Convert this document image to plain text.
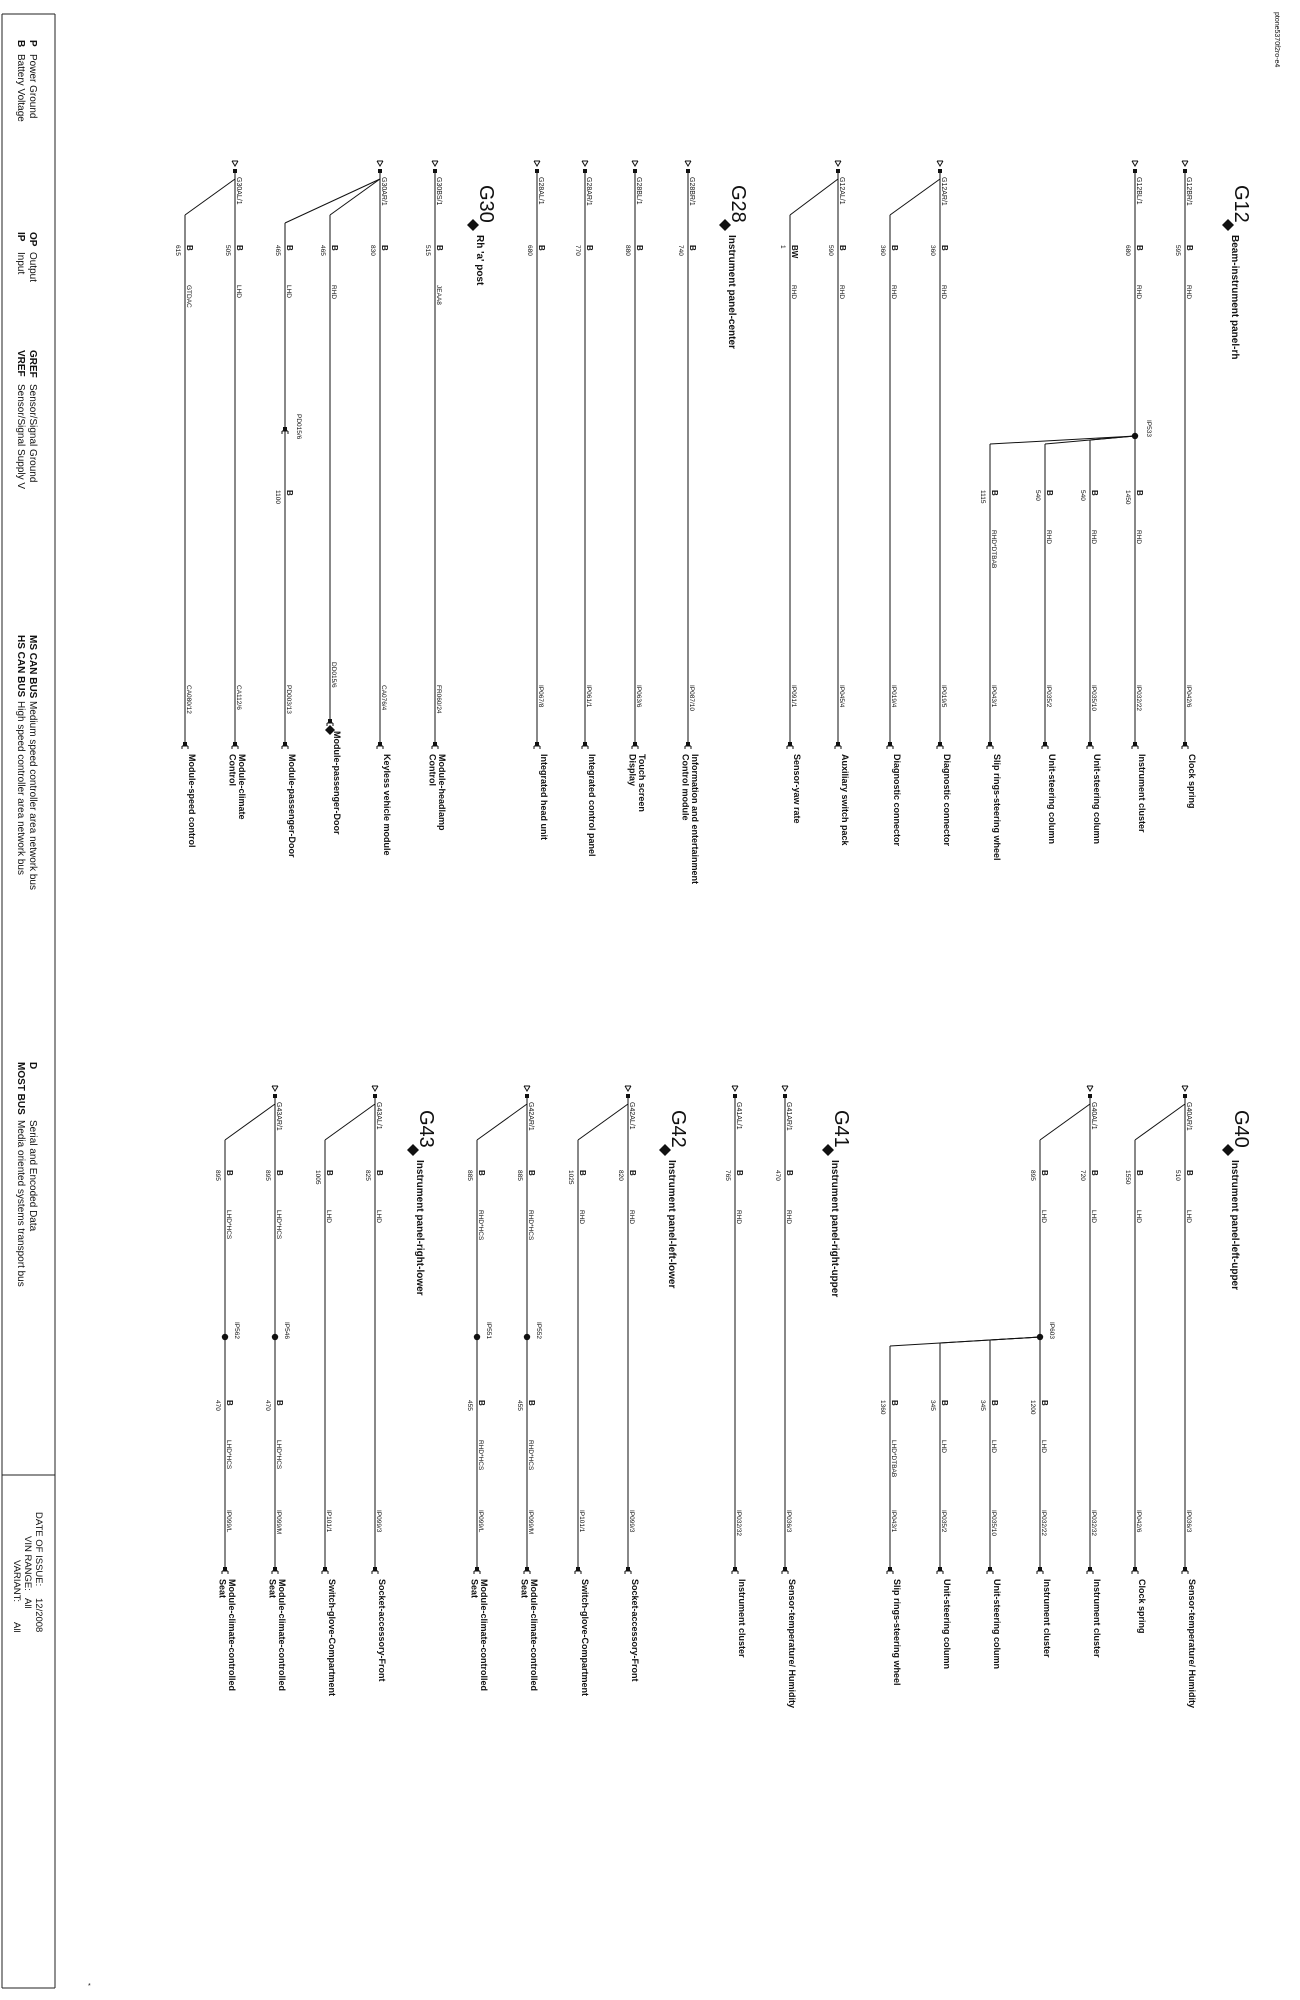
B
Battery Voltage
P
Power Ground
IP
Input
OP
Output
VREF
Sensor/Signal Supply V
GREF
Sensor/Signal Ground
HS CAN BUS
High speed controller area network bus
MS CAN BUS
Medium speed controller area network bus
MOST BUS
Media oriented systems transport bus
D
Serial and Encoded Data
VARIANT:
All
VIN RANGE:
All
DATE OF ISSUE:
12/2008
ptone5370f2ro-e4
*
G12
Beam-instrument panel-rh
G12BR/1
B
595
RHD
IP042/6
Clock spring
G12BL/1
B
680
RHD
IP533
B
1450
RHD
IP032/22
Instrument cluster
B
540
RHD
IP035/10
Unit-steering column
B
540
RHD
IP035/2
Unit-steering column
B
1115
RHD*DTBAB
IP043/1
Slip rings-steering wheel
G12AR/1
B
360
RHD
IP019/5
Diagnostic connector
B
360
RHD
IP019/4
Diagnostic connector
G12AL/1
B
590
RHD
IP045/4
Auxiliary switch pack
BW
1
RHD
IP091/1
Sensor-yaw rate
G28
Instrument panel-center
G28BR/1
B
740
IP087/10
Information and entertainment
Control module
G28BL/1
B
880
IP063/6
Touch screen
Display
G28AR/1
B
770
IP061/1
Integrated control panel
G28AL/1
B
680
IP067/8
Integrated head unit
G30
Rh 'a' post
G30BS/1
B
515
JEAA8
FR060/24
Module-headlamp
Control
G30AR/1
B
830
CA076/4
Keyless vehicle module
B
465
RHD
DD015/6
Module-passenger-Door
B
465
LHD
PD015/6
B
1100
PD003/13
Module-passenger-Door
G30AL/1
B
505
LHD
CA112/6
Module-climate
Control
B
615
GTDAC
CA080/12
Module-speed control
G40
Instrument panel-left-upper
G40AR/1
B
510
LHD
IP036/3
Sensor-temperature/ Humidity
B
1550
LHD
IP042/6
Clock spring
G40AL/1
B
720
LHD
IP032/32
Instrument cluster
B
895
LHD
IP603
B
1200
LHD
IP032/22
Instrument cluster
B
345
LHD
IP035/10
Unit-steering column
B
345
LHD
IP035/2
Unit-steering column
B
1360
LHD*DTBAB
IP043/1
Slip rings-steering wheel
G41
Instrument panel-right-upper
G41AR/1
B
470
RHD
IP036/3
Sensor-temperature/ Humidity
G41AL/1
B
765
RHD
IP032/32
Instrument cluster
G42
Instrument panel-left-lower
G42AL/1
B
820
RHD
IP099/3
Socket-accessory-Front
B
1025
RHD
IP101/1
Switch-glove-Compartment
G42AR/1
B
885
RHD*HCS
IP552
B
455
RHD*HCS
IP099/M
Module-climate-controlled
Seat
B
885
RHD*HCS
IP551
B
455
RHD*HCS
IP099/L
Module-climate-controlled
Seat
G43
Instrument panel-right-lower
G43AL/1
B
825
LHD
IP099/3
Socket-accessory-Front
B
1005
LHD
IP101/1
Switch-glove-Compartment
G43AR/1
B
895
LHD*HCS
IP546
B
470
LHD*HCS
IP099/M
Module-climate-controlled
Seat
B
895
LHD*HCS
IP562
B
470
LHD*HCS
IP099/L
Module-climate-controlled
Seat
